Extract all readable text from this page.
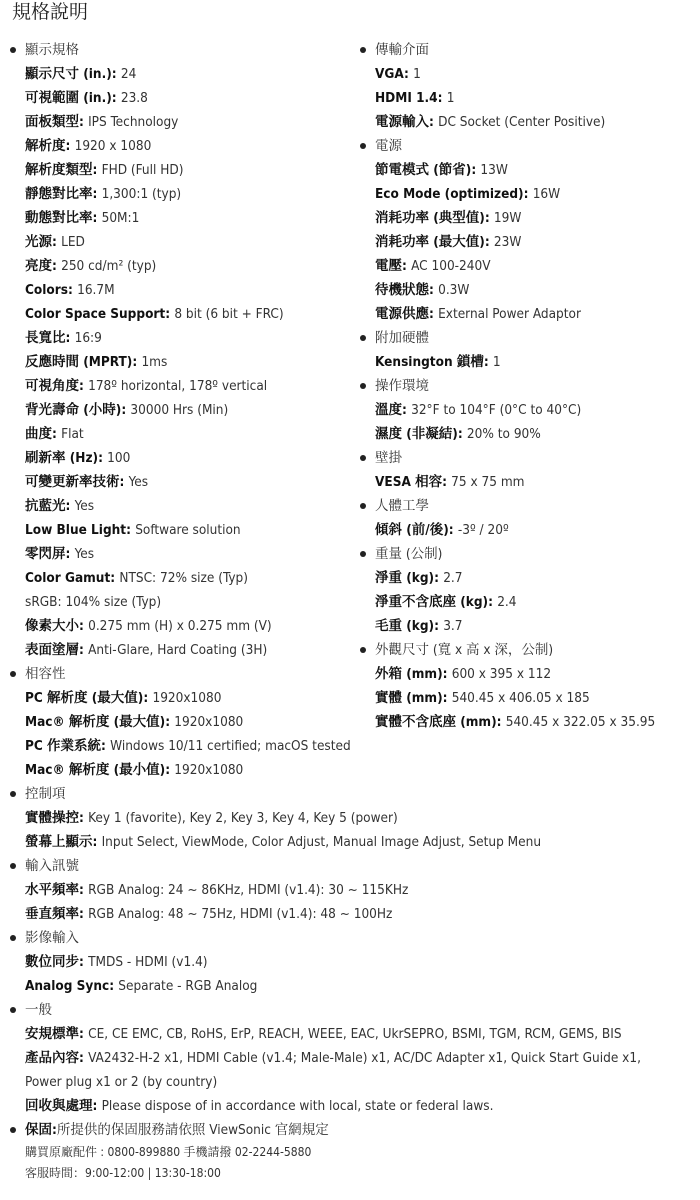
規格說明
顯示規格
顯示尺寸 (in.): 24
可視範圍 (in.): 23.8
面板類型: IPS Technology
解析度: 1920 x 1080
解析度類型: FHD (Full HD)
靜態對比率: 1,300:1 (typ)
動態對比率: 50M:1
光源: LED
亮度: 250 cd/m² (typ)
Colors: 16.7M
Color Space Support: 8 bit (6 bit + FRC)
長寬比: 16:9
反應時間 (MPRT): 1ms
可視角度: 178º horizontal, 178º vertical
背光壽命 (小時): 30000 Hrs (Min)
曲度: Flat
刷新率 (Hz): 100
可變更新率技術: Yes
抗藍光: Yes
Low Blue Light: Software solution
零閃屏: Yes
Color Gamut: NTSC: 72% size (Typ)
sRGB: 104% size (Typ)
像素大小: 0.275 mm (H) x 0.275 mm (V)
表面塗層: Anti-Glare, Hard Coating (3H)
相容性
PC 解析度 (最大值): 1920x1080
Mac® 解析度 (最大值): 1920x1080
PC 作業系統: Windows 10/11 certified; macOS tested
Mac® 解析度 (最小值): 1920x1080
控制項
實體操控: Key 1 (favorite), Key 2, Key 3, Key 4, Key 5 (power)
螢幕上顯示: Input Select, ViewMode, Color Adjust, Manual Image Adjust, Setup Menu
輸入訊號
水平頻率: RGB Analog: 24 ~ 86KHz, HDMI (v1.4): 30 ~ 115KHz
垂直頻率: RGB Analog: 48 ~ 75Hz, HDMI (v1.4): 48 ~ 100Hz
影像輸入
數位同步: TMDS - HDMI (v1.4)
Analog Sync: Separate - RGB Analog
一般
安規標準: CE, CE EMC, CB, RoHS, ErP, REACH, WEEE, EAC, UkrSEPRO, BSMI, TGM, RCM, GEMS, BIS
產品內容: VA2432-H-2 x1, HDMI Cable (v1.4; Male-Male) x1, AC/DC Adapter x1, Quick Start Guide x1, Power plug x1 or 2 (by country)
回收與處理: Please dispose of in accordance with local, state or federal laws.
保固 : 所提供的保固服務請依照 ViewSonic 官網規定
購買原廠配件 : 0800-899880 手機請撥 02-2244-5880
客服時間：9:00-12:00 | 13:30-18:00
傳輸介面
VGA: 1
HDMI 1.4: 1
電源輸入: DC Socket (Center Positive)
電源
節電模式 (節省): 13W
Eco Mode (optimized): 16W
消耗功率 (典型值): 19W
消耗功率 (最大值): 23W
電壓: AC 100-240V
待機狀態: 0.3W
電源供應: External Power Adaptor
附加硬體
Kensington 鎖槽: 1
操作環境
溫度: 32°F to 104°F (0°C to 40°C)
濕度 (非凝結): 20% to 90%
壁掛
VESA 相容: 75 x 75 mm
人體工學
傾斜 (前/後): -3º / 20º
重量 (公制)
淨重 (kg): 2.7
淨重不含底座 (kg): 2.4
毛重 (kg): 3.7
外觀尺寸 (寬 x 高 x 深，公制)
外箱 (mm): 600 x 395 x 112
實體 (mm): 540.45 x 406.05 x 185
實體不含底座 (mm): 540.45 x 322.05 x 35.95
